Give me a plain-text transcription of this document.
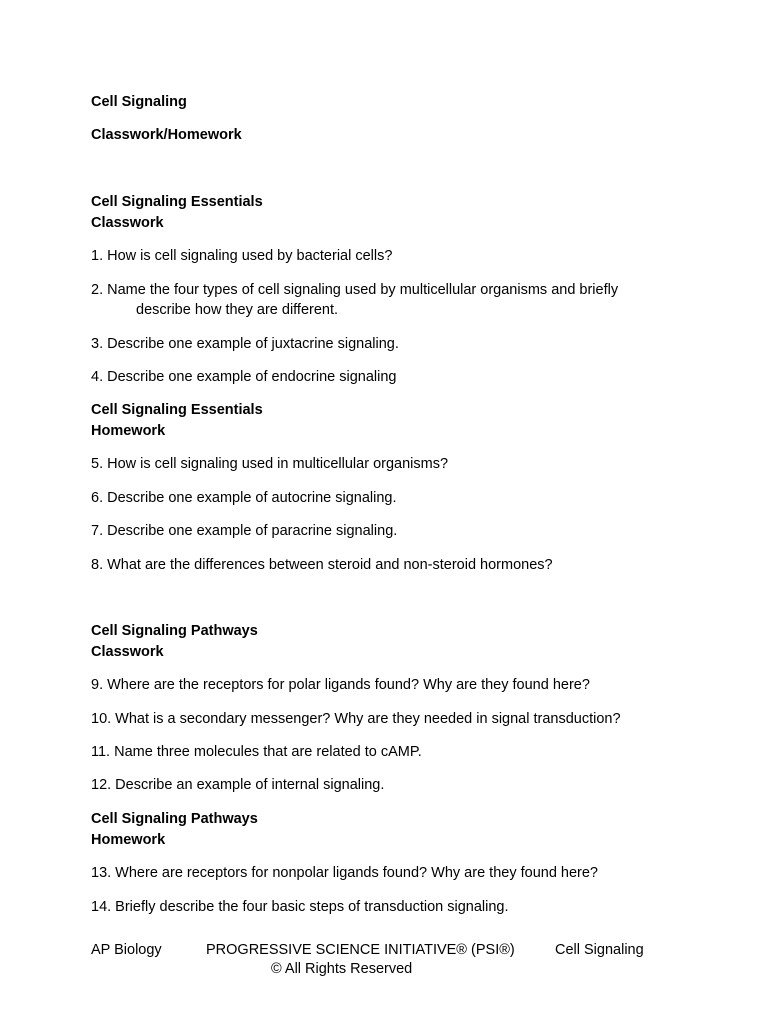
Cell Signaling
Classwork/Homework
Cell Signaling Essentials
Classwork
1. How is cell signaling used by bacterial cells?
2. Name the four types of cell signaling used by multicellular organisms and briefly
describe how they are different.
3. Describe one example of juxtacrine signaling.
4. Describe one example of endocrine signaling
Cell Signaling Essentials
Homework
5. How is cell signaling used in multicellular organisms?
6. Describe one example of autocrine signaling.
7. Describe one example of paracrine signaling.
8. What are the differences between steroid and non-steroid hormones?
Cell Signaling Pathways
Classwork
9. Where are the receptors for polar ligands found? Why are they found here?
10. What is a secondary messenger? Why are they needed in signal transduction?
11. Name three molecules that are related to cAMP.
12. Describe an example of internal signaling.
Cell Signaling Pathways
Homework
13. Where are receptors for nonpolar ligands found? Why are they found here?
14. Briefly describe the four basic steps of transduction signaling.
AP Biology	PROGRESSIVE SCIENCE INITIATIVE® (PSI®)	Cell Signaling
© All Rights Reserved
